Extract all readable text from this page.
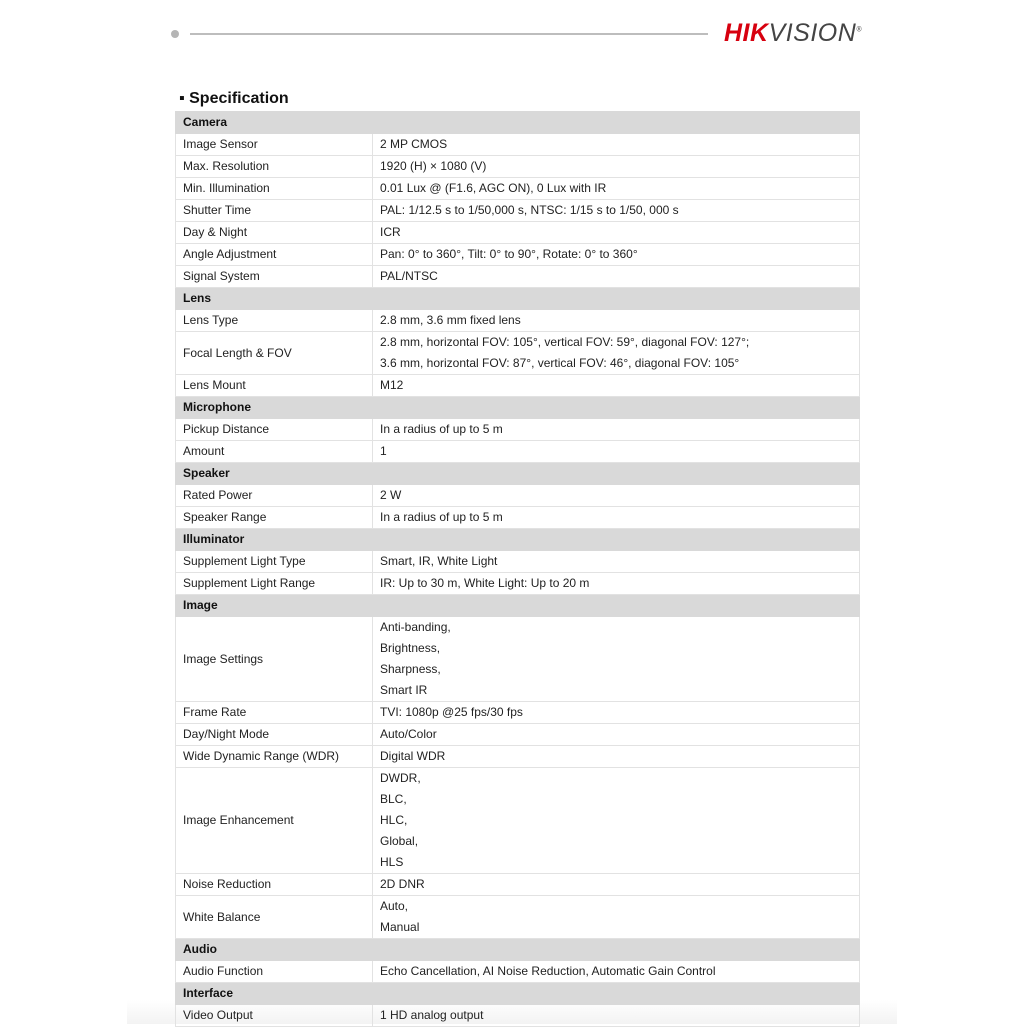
HIKVISION®
▪ Specification
Camera	
Image Sensor	2 MP CMOS

Max. Resolution	1920 (H) × 1080 (V)

Min. Illumination	0.01 Lux @ (F1.6, AGC ON), 0 Lux with IR

Shutter Time	PAL: 1/12.5 s to 1/50,000 s, NTSC: 1/15 s to 1/50, 000 s

Day & Night	ICR

Angle Adjustment	Pan: 0° to 360°, Tilt: 0° to 90°, Rotate: 0° to 360°

Signal System	PAL/NTSC

Lens	
Lens Type	2.8 mm, 3.6 mm fixed lens

Focal Length & FOV	2.8 mm, horizontal FOV: 105°, vertical FOV: 59°, diagonal FOV: 127°;
3.6 mm, horizontal FOV: 87°, vertical FOV: 46°, diagonal FOV: 105°

Lens Mount	M12

Microphone	
Pickup Distance	In a radius of up to 5 m

Amount	1

Speaker	
Rated Power	2 W

Speaker Range	In a radius of up to 5 m

Illuminator	
Supplement Light Type	Smart, IR, White Light

Supplement Light Range	IR: Up to 30 m, White Light: Up to 20 m

Image	
Image Settings	Anti-banding,
Brightness,
Sharpness,
Smart IR

Frame Rate	TVI: 1080p @25 fps/30 fps

Day/Night Mode	Auto/Color

Wide Dynamic Range (WDR)	Digital WDR

Image Enhancement	DWDR,
BLC,
HLC,
Global,
HLS

Noise Reduction	2D DNR

White Balance	Auto,
Manual

Audio	
Audio Function	Echo Cancellation, AI Noise Reduction, Automatic Gain Control

Interface	
Video Output	1 HD analog output
